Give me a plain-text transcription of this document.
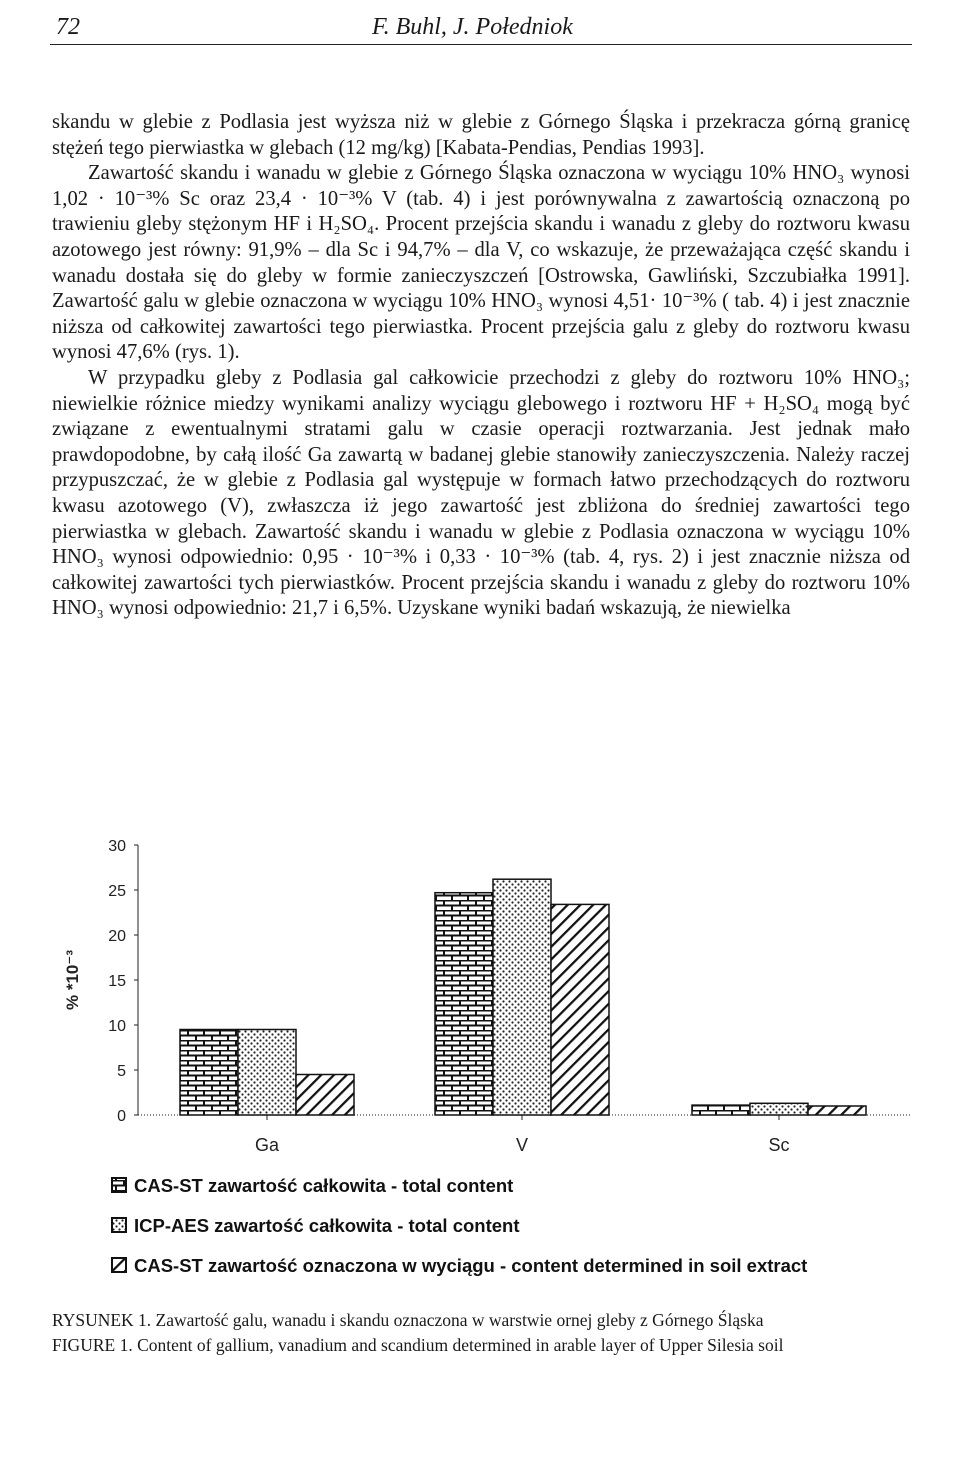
72	F. Buhl, J. Połedniok

skandu w glebie z Podlasia jest wyższa niż w glebie z Górnego Śląska i przekracza górną granicę stężeń tego pierwiastka w glebach (12 mg/kg) [Kabata-Pendias, Pendias 1993].

Zawartość skandu i wanadu w glebie z Górnego Śląska oznaczona w wyciągu 10% HNO₃ wynosi 1,02 · 10⁻³% Sc oraz 23,4 · 10⁻³% V (tab. 4) i jest porównywalna z zawartością oznaczoną po trawieniu gleby stężonym HF i H₂SO₄. Procent przejścia skandu i wanadu z gleby do roztworu kwasu azotowego jest równy: 91,9% – dla Sc i 94,7% – dla V, co wskazuje, że przeważająca część skandu i wanadu dostała się do gleby w formie zanieczyszczeń [Ostrowska, Gawliński, Szczubiałka 1991]. Zawartość galu w glebie oznaczona w wyciągu 10% HNO₃ wynosi 4,51· 10⁻³% ( tab. 4) i jest znacznie niższa od całkowitej zawartości tego pierwiastka. Procent przejścia galu z gleby do roztworu kwasu wynosi 47,6% (rys. 1).

W przypadku gleby z Podlasia gal całkowicie przechodzi z gleby do roztworu 10% HNO₃; niewielkie różnice miedzy wynikami analizy wyciągu glebowego i roztworu HF + H₂SO₄ mogą być związane z ewentualnymi stratami galu w czasie operacji roztwarzania. Jest jednak mało prawdopodobne, by całą ilość Ga zawartą w badanej glebie stanowiły zanieczyszczenia. Należy raczej przypuszczać, że w glebie z Podlasia gal występuje w formach łatwo przechodzących do roztworu kwasu azotowego (V), zwłaszcza iż jego zawartość jest zbliżona do średniej zawartości tego pierwiastka w glebach. Zawartość skandu i wanadu w glebie z Podlasia oznaczona w wyciągu 10% HNO₃ wynosi odpowiednio: 0,95 · 10⁻³% i 0,33 · 10⁻³% (tab. 4, rys. 2) i jest znacznie niższa od całkowitej zawartości tych pierwiastków. Procent przejścia skandu i wanadu z gleby do roztworu 10% HNO₃ wynosi odpowiednio: 21,7 i 6,5%. Uzyskane wyniki badań wskazują, że niewielka

0
5
10
15
20
25
30
% *10⁻³
Ga	V	Sc
CAS-ST zawartość całkowita - total content
ICP-AES zawartość całkowita - total content
CAS-ST zawartość oznaczona w wyciągu - content determined in soil extract

RYSUNEK 1. Zawartość galu, wanadu i skandu oznaczona w warstwie ornej gleby z Górnego Śląska

FIGURE 1. Content of gallium, vanadium and scandium determined in arable layer of Upper Silesia soil
